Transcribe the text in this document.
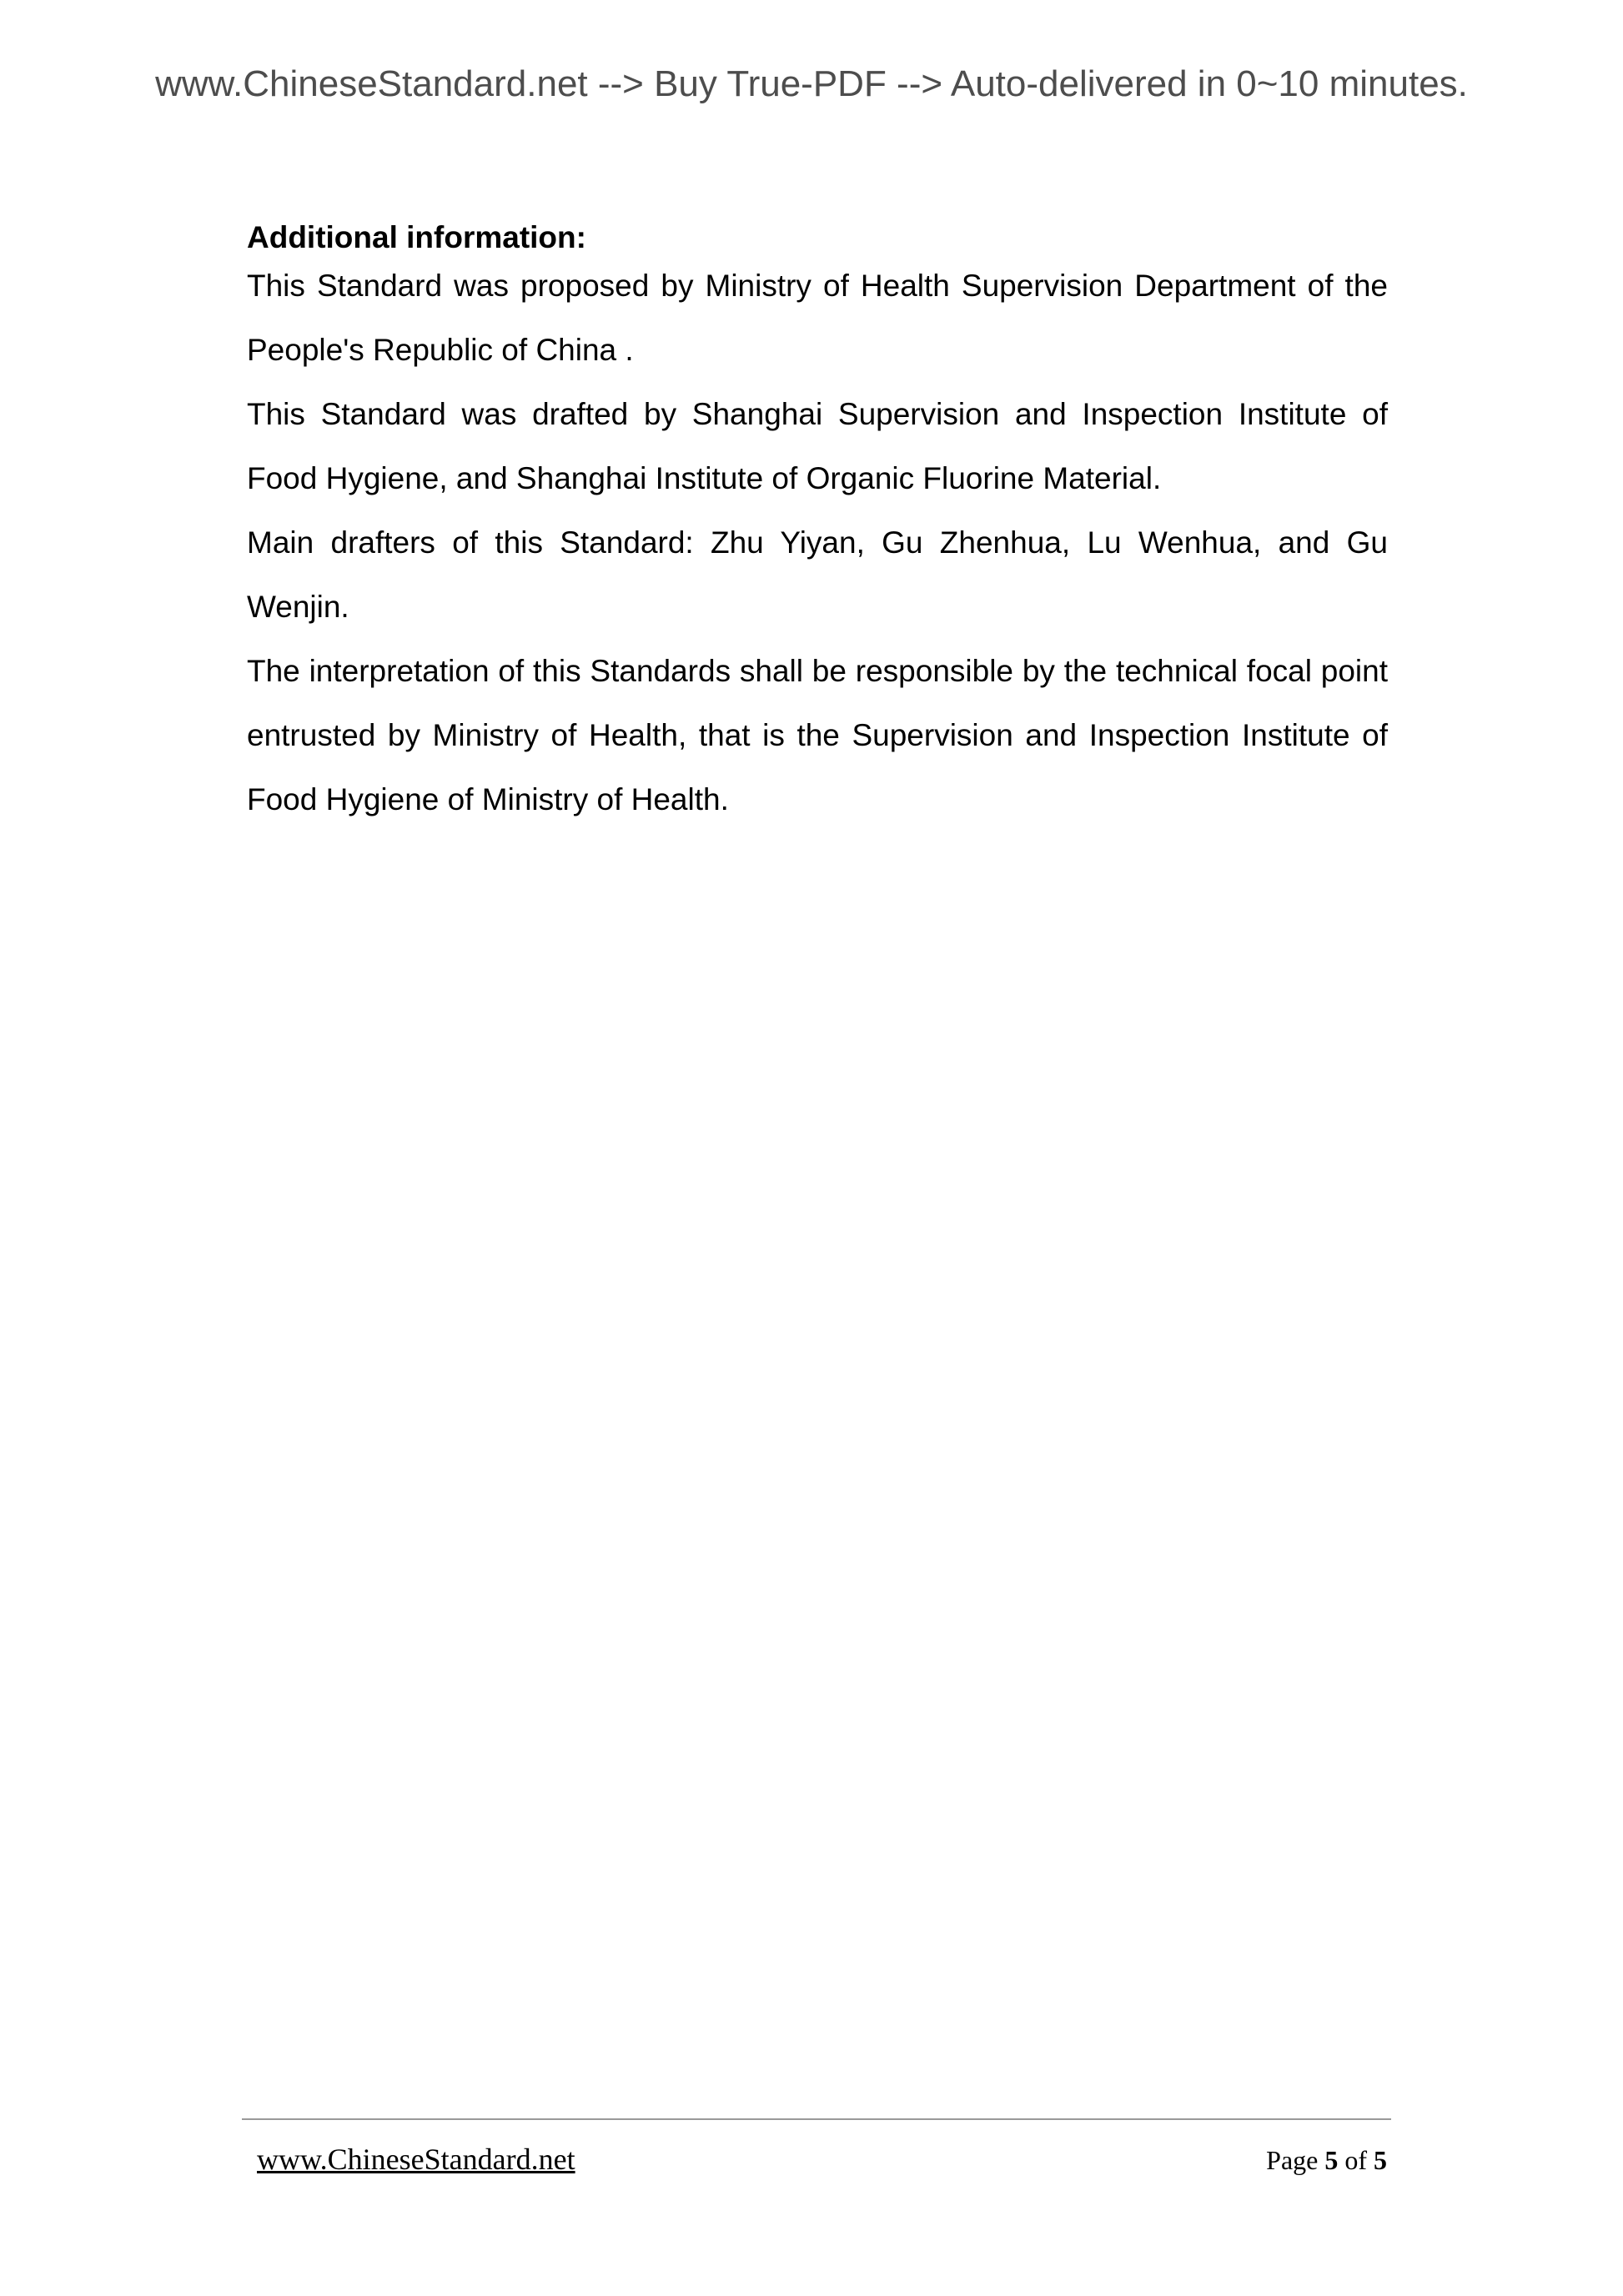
www.ChineseStandard.net --> Buy True-PDF --> Auto-delivered in 0~10 minutes.
Additional information:

This Standard was proposed by Ministry of Health Supervision Department of the People's Republic of China .

This Standard was drafted by Shanghai Supervision and Inspection Institute of Food Hygiene, and Shanghai Institute of Organic Fluorine Material.

Main drafters of this Standard: Zhu Yiyan, Gu Zhenhua, Lu Wenhua, and Gu Wenjin.

The interpretation of this Standards shall be responsible by the technical focal point entrusted by Ministry of Health, that is the Supervision and Inspection Institute of Food Hygiene of Ministry of Health.

www.ChineseStandard.net	Page 5 of 5
